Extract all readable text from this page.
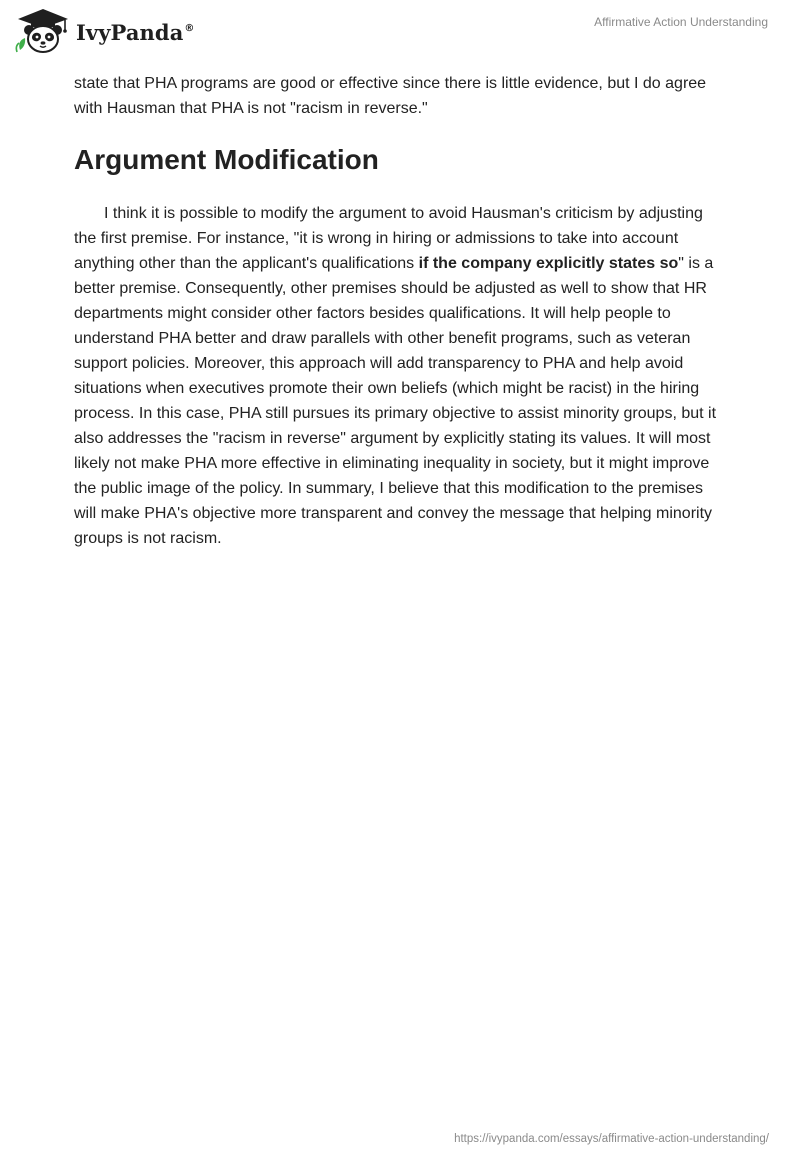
IvyPanda®	Affirmative Action Understanding

state that PHA programs are good or effective since there is little evidence, but I do agree with Hausman that PHA is not "racism in reverse."

Argument Modification

I think it is possible to modify the argument to avoid Hausman's criticism by adjusting the first premise. For instance, "it is wrong in hiring or admissions to take into account anything other than the applicant's qualifications if the company explicitly states so" is a better premise. Consequently, other premises should be adjusted as well to show that HR departments might consider other factors besides qualifications. It will help people to understand PHA better and draw parallels with other benefit programs, such as veteran support policies. Moreover, this approach will add transparency to PHA and help avoid situations when executives promote their own beliefs (which might be racist) in the hiring process. In this case, PHA still pursues its primary objective to assist minority groups, but it also addresses the "racism in reverse" argument by explicitly stating its values. It will most likely not make PHA more effective in eliminating inequality in society, but it might improve the public image of the policy. In summary, I believe that this modification to the premises will make PHA's objective more transparent and convey the message that helping minority groups is not racism.

https://ivypanda.com/essays/affirmative-action-understanding/
